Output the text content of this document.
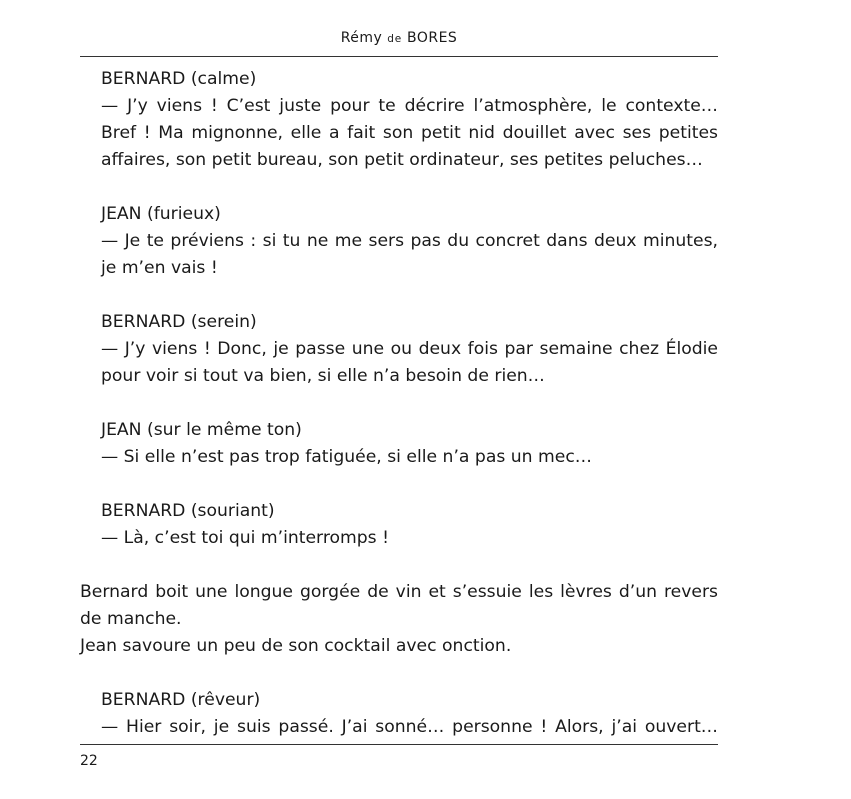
Rémy de BORES
BERNARD (calme)
— J’y viens ! C’est juste pour te décrire l’atmosphère, le contexte…
Bref ! Ma mignonne, elle a fait son petit nid douillet avec ses petites
affaires, son petit bureau, son petit ordinateur, ses petites peluches…
JEAN (furieux)
— Je te préviens : si tu ne me sers pas du concret dans deux minutes,
je m’en vais !
BERNARD (serein)
— J’y viens ! Donc, je passe une ou deux fois par semaine chez Élodie
pour voir si tout va bien, si elle n’a besoin de rien…
JEAN (sur le même ton)
— Si elle n’est pas trop fatiguée, si elle n’a pas un mec…
BERNARD (souriant)
— Là, c’est toi qui m’interromps !
Bernard boit une longue gorgée de vin et s’essuie les lèvres d’un revers
de manche.
Jean savoure un peu de son cocktail avec onction.
BERNARD (rêveur)
— Hier soir, je suis passé. J’ai sonné… personne ! Alors, j’ai ouvert…
22
